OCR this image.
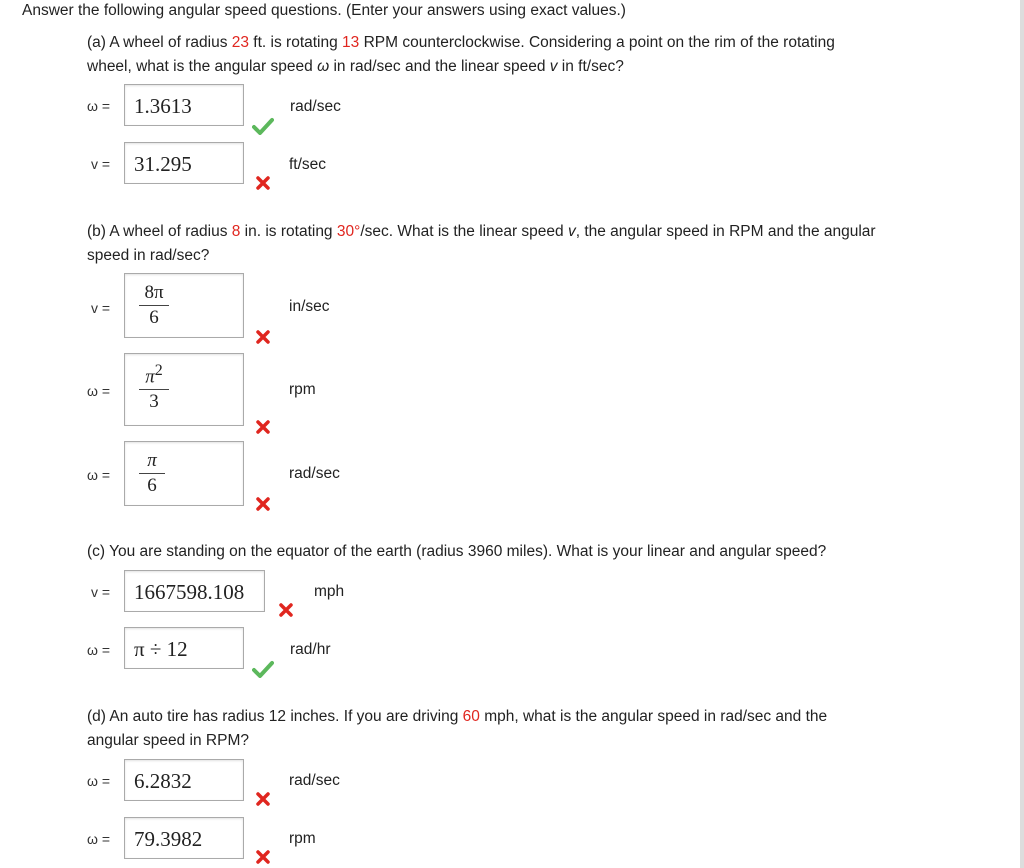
Answer the following angular speed questions. (Enter your answers using exact values.)
(a) A wheel of radius 23 ft. is rotating 13 RPM counterclockwise. Considering a point on the rim of the rotating
wheel, what is the angular speed ω in rad/sec and the linear speed v in ft/sec?
ω = 1.3613	rad/sec
v = 31.295	ft/sec
(b) A wheel of radius 8 in. is rotating 30°/sec. What is the linear speed v, the angular speed in RPM and the angular
speed in rad/sec?
v =
8π
6
in/sec
ω =
$\pi^2$
3
rpm
ω =
π
6
rad/sec
(c) You are standing on the equator of the earth (radius 3960 miles). What is your linear and angular speed?
v = 1667598.108	mph
ω = π ÷ 12	rad/hr
(d) An auto tire has radius 12 inches. If you are driving 60 mph, what is the angular speed in rad/sec and the
angular speed in RPM?
ω = 6.2832	rad/sec
ω = 79.3982	rpm
